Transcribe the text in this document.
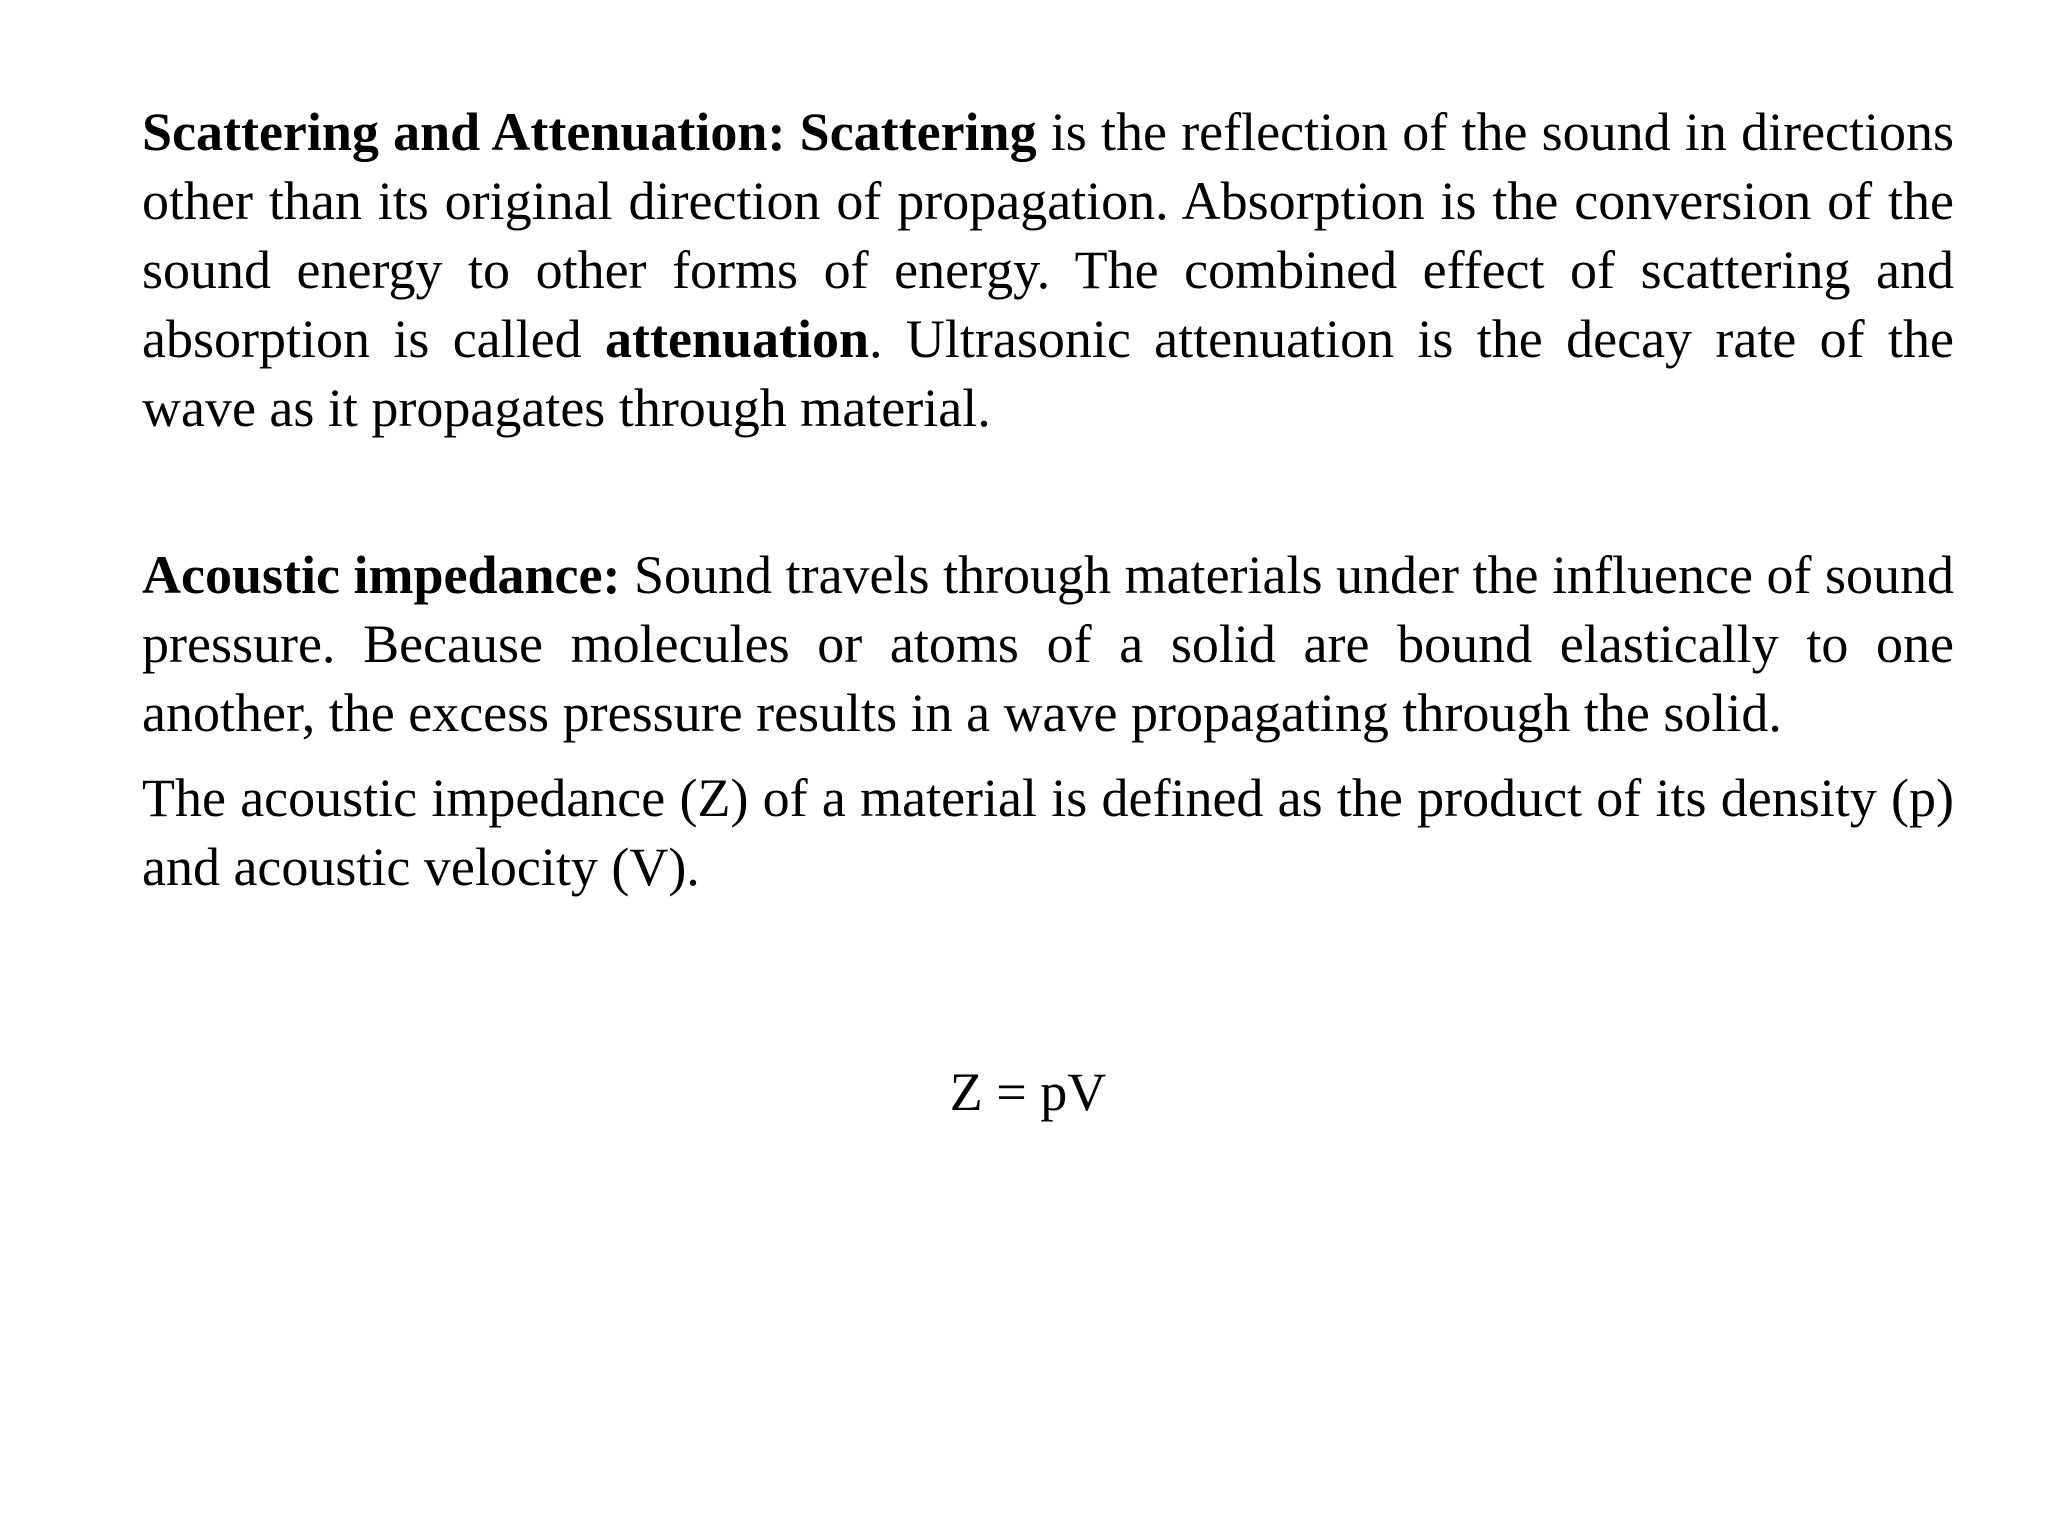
Scattering and Attenuation: Scattering is the reflection of the sound in directions other than its original direction of propagation. Absorption is the conversion of the sound energy to other forms of energy. The combined effect of scattering and absorption is called attenuation. Ultrasonic attenuation is the decay rate of the wave as it propagates through material.

Acoustic impedance: Sound travels through materials under the influence of sound pressure. Because molecules or atoms of a solid are bound elastically to one another, the excess pressure results in a wave propagating through the solid.

The acoustic impedance (Z) of a material is defined as the product of its density (p) and acoustic velocity (V).

Z = pV
